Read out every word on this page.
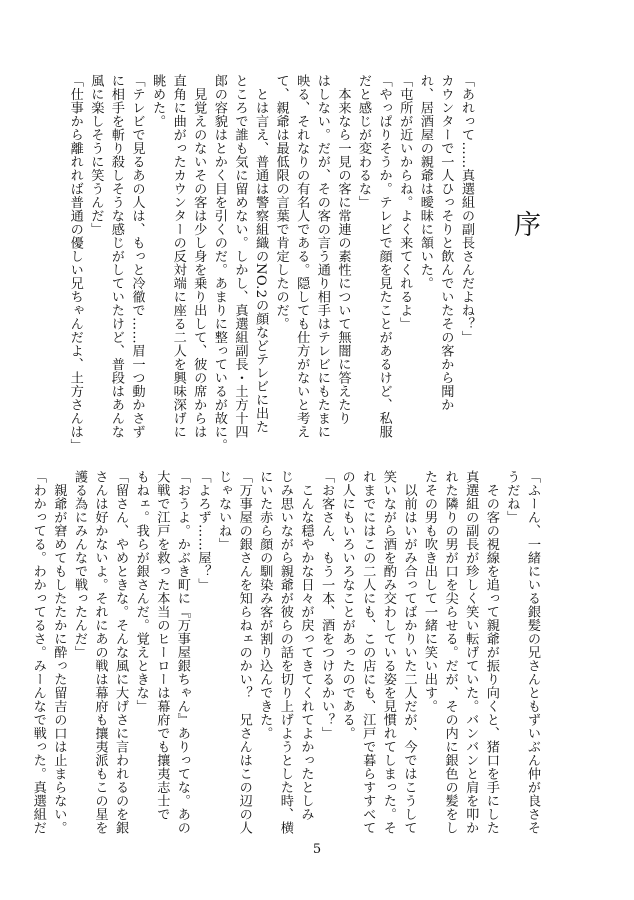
序
「あれって……真選組の副長さんだよね？」
カウンターで一人ひっそりと飲んでいたその客から聞か
れ、居酒屋の親爺は曖昧に頷いた。
「屯所が近いからね。よく来てくれるよ」
「やっぱりそうか。テレビで顔を見たことがあるけど、私服
だと感じが変わるな」
　本来なら一見の客に常連の素性について無闇に答えたり
はしない。だが、その客の言う通り相手はテレビにもたまに
映る、それなりの有名人である。隠しても仕方がないと考え
て、親爺は最低限の言葉で肯定したのだ。
　とは言え、普通は警察組織のNO.2の顔などテレビに出た
ところで誰も気に留めない。しかし、真選組副長・土方十四
郎の容貌はとかく目を引くのだ。あまりに整っているが故に。
　見覚えのないその客は少し身を乗り出して、彼の席からは
直角に曲がったカウンターの反対端に座る二人を興味深げに
眺めた。
「テレビで見るあの人は、もっと冷徹で……眉一つ動かさず
に相手を斬り殺しそうな感じがしていたけど、普段はあんな
風に楽しそうに笑うんだ」
「仕事から離れれば普通の優しい兄ちゃんだよ、土方さんは」
「ふーん、一緒にいる銀髪の兄さんともずいぶん仲が良さそ
うだね」
　その客の視線を追って親爺が振り向くと、猪口を手にした
真選組の副長が珍しく笑い転げていた。バンバンと肩を叩か
れた隣りの男が口を尖らせる。だが、その内に銀色の髪をし
たその男も吹き出して一緒に笑い出す。
　以前はいがみ合ってばかりいた二人だが、今ではこうして
笑いながら酒を酌み交わしている姿を見慣れてしまった。そ
れまでにはこの二人にも、この店にも、江戸で暮らすすべて
の人にもいろいろなことがあったのである。
「お客さん、もう一本、酒をつけるかい？」
　こんな穏やかな日々が戻ってきてくれてよかったとしみ
じみ思いながら親爺が彼らの話を切り上げようとした時、横
にいた赤ら顔の馴染み客が割り込んできた。
「万事屋の銀さんを知らねェのかい？　兄さんはこの辺の人
じゃないね」
「よろず……屋？」
「おうよ。かぶき町に『万事屋銀ちゃん』ありってな。あの
大戦で江戸を救った本当のヒーローは幕府でも攘夷志士で
もねェ。我らが銀さんだ。覚えときな」
「留さん、やめときな。そんな風に大げさに言われるのを銀
さんは好かないよ。それにあの戦は幕府も攘夷派もこの星を
護る為にみんなで戦ったんだ」
　親爺が窘めてもしたたかに酔った留吉の口は止まらない。
「わかってる。わかってるさ。みーんなで戦った。真選組だ
5
